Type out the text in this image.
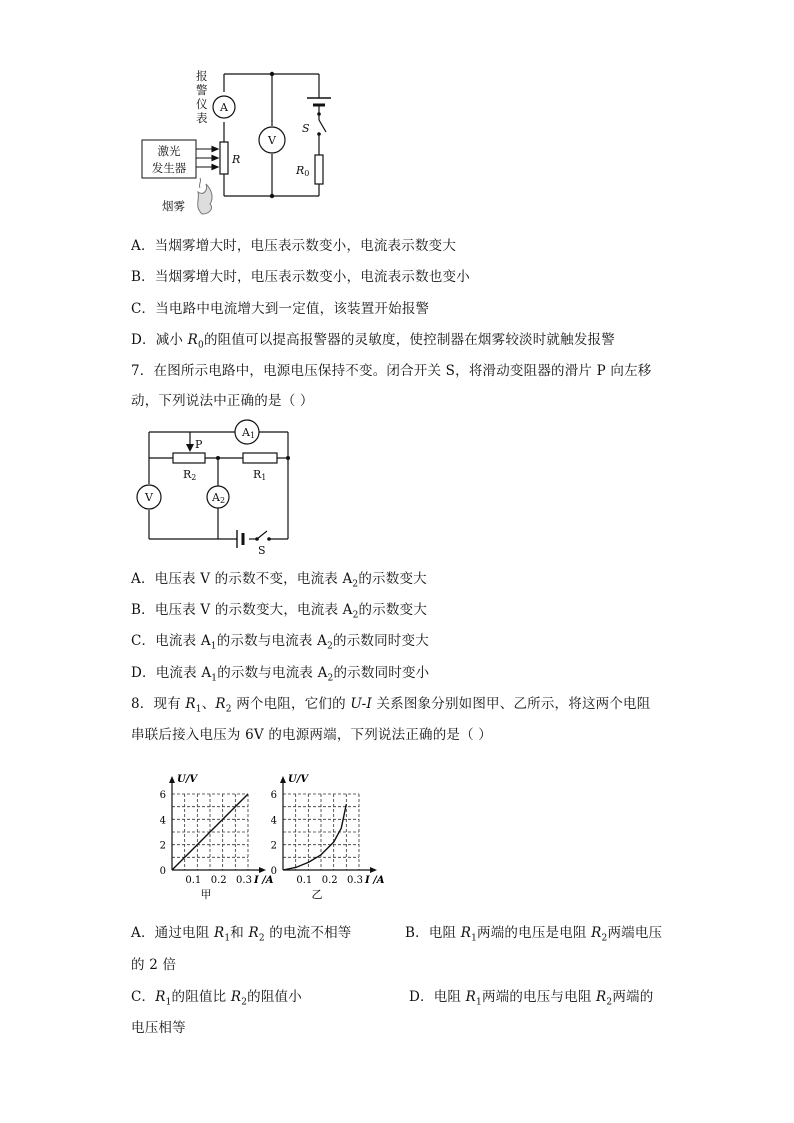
A
V
S
R0
R
激光
发生器
报
警
仪
表
烟雾
A．当烟雾增大时，电压表示数变小，电流表示数变大
B．当烟雾增大时，电压表示数变小，电流表示数也变小
C．当电路中电流增大到一定值，该装置开始报警
D．减小 $R_0$的阻值可以提高报警器的灵敏度，使控制器在烟雾较淡时就触发报警
7．在图所示电路中，电源电压保持不变。闭合开关 S，将滑动变阻器的滑片 P 向左移
动，下列说法中正确的是（ ）
R2
P
R1
A1
A2
V
S
A．电压表 V 的示数不变，电流表 $A_2$的示数变大
B．电压表 V 的示数变大，电流表 $A_2$的示数变大
C．电流表 $A_1$的示数与电流表 $A_2$的示数同时变大
D．电流表 $A_1$的示数与电流表 $A_2$的示数同时变小
8．现有 $R_1$、$R_2$ 两个电阻，它们的 U-I 关系图象分别如图甲、乙所示，将这两个电阻
串联后接入电压为 6V 的电源两端，下列说法正确的是（ ）
U/V
6
4
2
0
0.1 0.2 0.3 I /A
甲
U/V
6
4
2
0
0.1 0.2 0.3 I /A
乙
A．通过电阻 $R_1$和 $R_2$ 的电流不相等	B．电阻 $R_1$两端的电压是电阻 $R_2$两端电压
的 2 倍
C．$R_1$的阻值比 $R_2$的阻值小	D．电阻 $R_1$两端的电压与电阻 $R_2$两端的
电压相等
